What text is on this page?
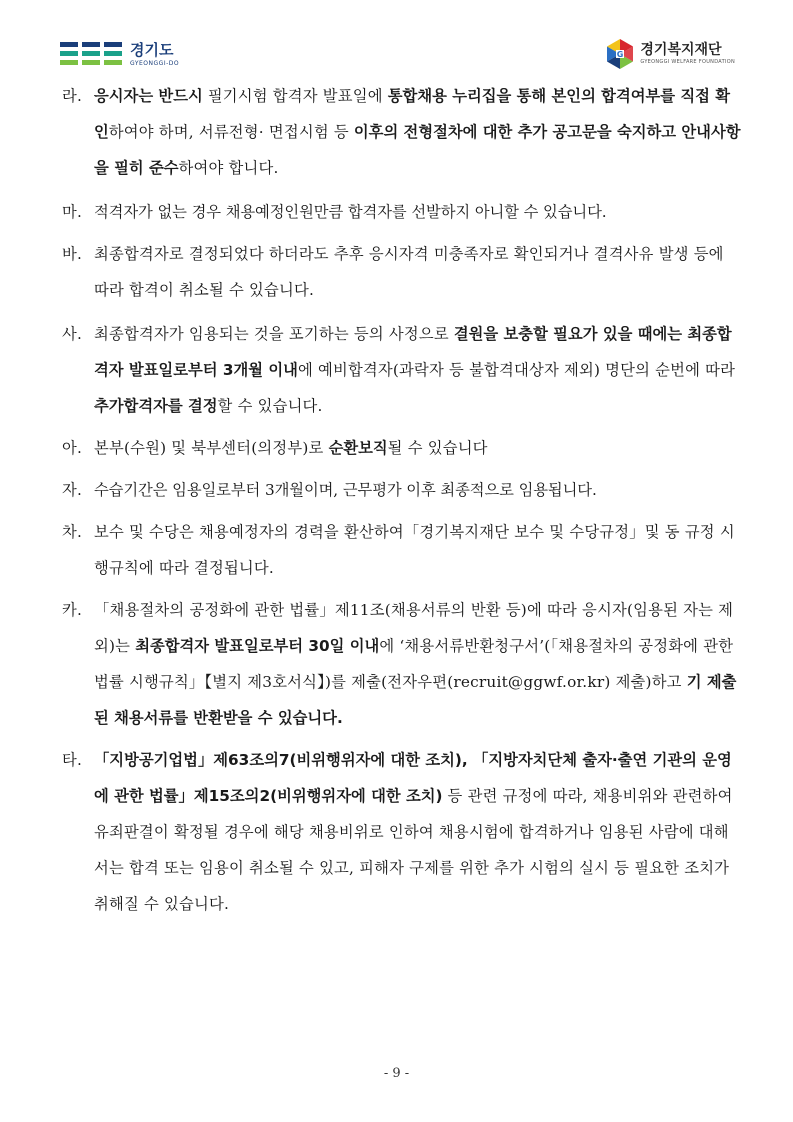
경기도
GYEONGGI-DO
G 경기복지재단
GYEONGGI WELFARE FOUNDATION
라. 응시자는 반드시 필기시험 합격자 발표일에 통합채용 누리집을 통해 본인의 합격여부를 직접 확인하여야 하며, 서류전형· 면접시험 등 이후의 전형절차에 대한 추가 공고문을 숙지하고 안내사항을 필히 준수하여야 합니다.
마. 적격자가 없는 경우 채용예정인원만큼 합격자를 선발하지 아니할 수 있습니다.
바. 최종합격자로 결정되었다 하더라도 추후 응시자격 미충족자로 확인되거나 결격사유 발생 등에 따라 합격이 취소될 수 있습니다.
사. 최종합격자가 임용되는 것을 포기하는 등의 사정으로 결원을 보충할 필요가 있을 때에는 최종합격자 발표일로부터 3개월 이내에 예비합격자(과락자 등 불합격대상자 제외) 명단의 순번에 따라 추가합격자를 결정할 수 있습니다.
아. 본부(수원) 및 북부센터(의정부)로 순환보직될 수 있습니다
자. 수습기간은 임용일로부터 3개월이며, 근무평가 이후 최종적으로 임용됩니다.
차. 보수 및 수당은 채용예정자의 경력을 환산하여「경기복지재단 보수 및 수당규정」및 동 규정 시행규칙에 따라 결정됩니다.
카. 「채용절차의 공정화에 관한 법률」제11조(채용서류의 반환 등)에 따라 응시자(임용된 자는 제외)는 최종합격자 발표일로부터 30일 이내에 ‘채용서류반환청구서’(「채용절차의 공정화에 관한 법률 시행규칙」【별지 제3호서식】)를 제출(전자우편(recruit@ggwf.or.kr) 제출)하고 기 제출된 채용서류를 반환받을 수 있습니다.
타. 「지방공기업법」제63조의7(비위행위자에 대한 조치), 「지방자치단체 출자·출연 기관의 운영에 관한 법률」제15조의2(비위행위자에 대한 조치) 등 관련 규정에 따라, 채용비위와 관련하여 유죄판결이 확정될 경우에 해당 채용비위로 인하여 채용시험에 합격하거나 임용된 사람에 대해서는 합격 또는 임용이 취소될 수 있고, 피해자 구제를 위한 추가 시험의 실시 등 필요한 조치가 취해질 수 있습니다.
- 9 -
